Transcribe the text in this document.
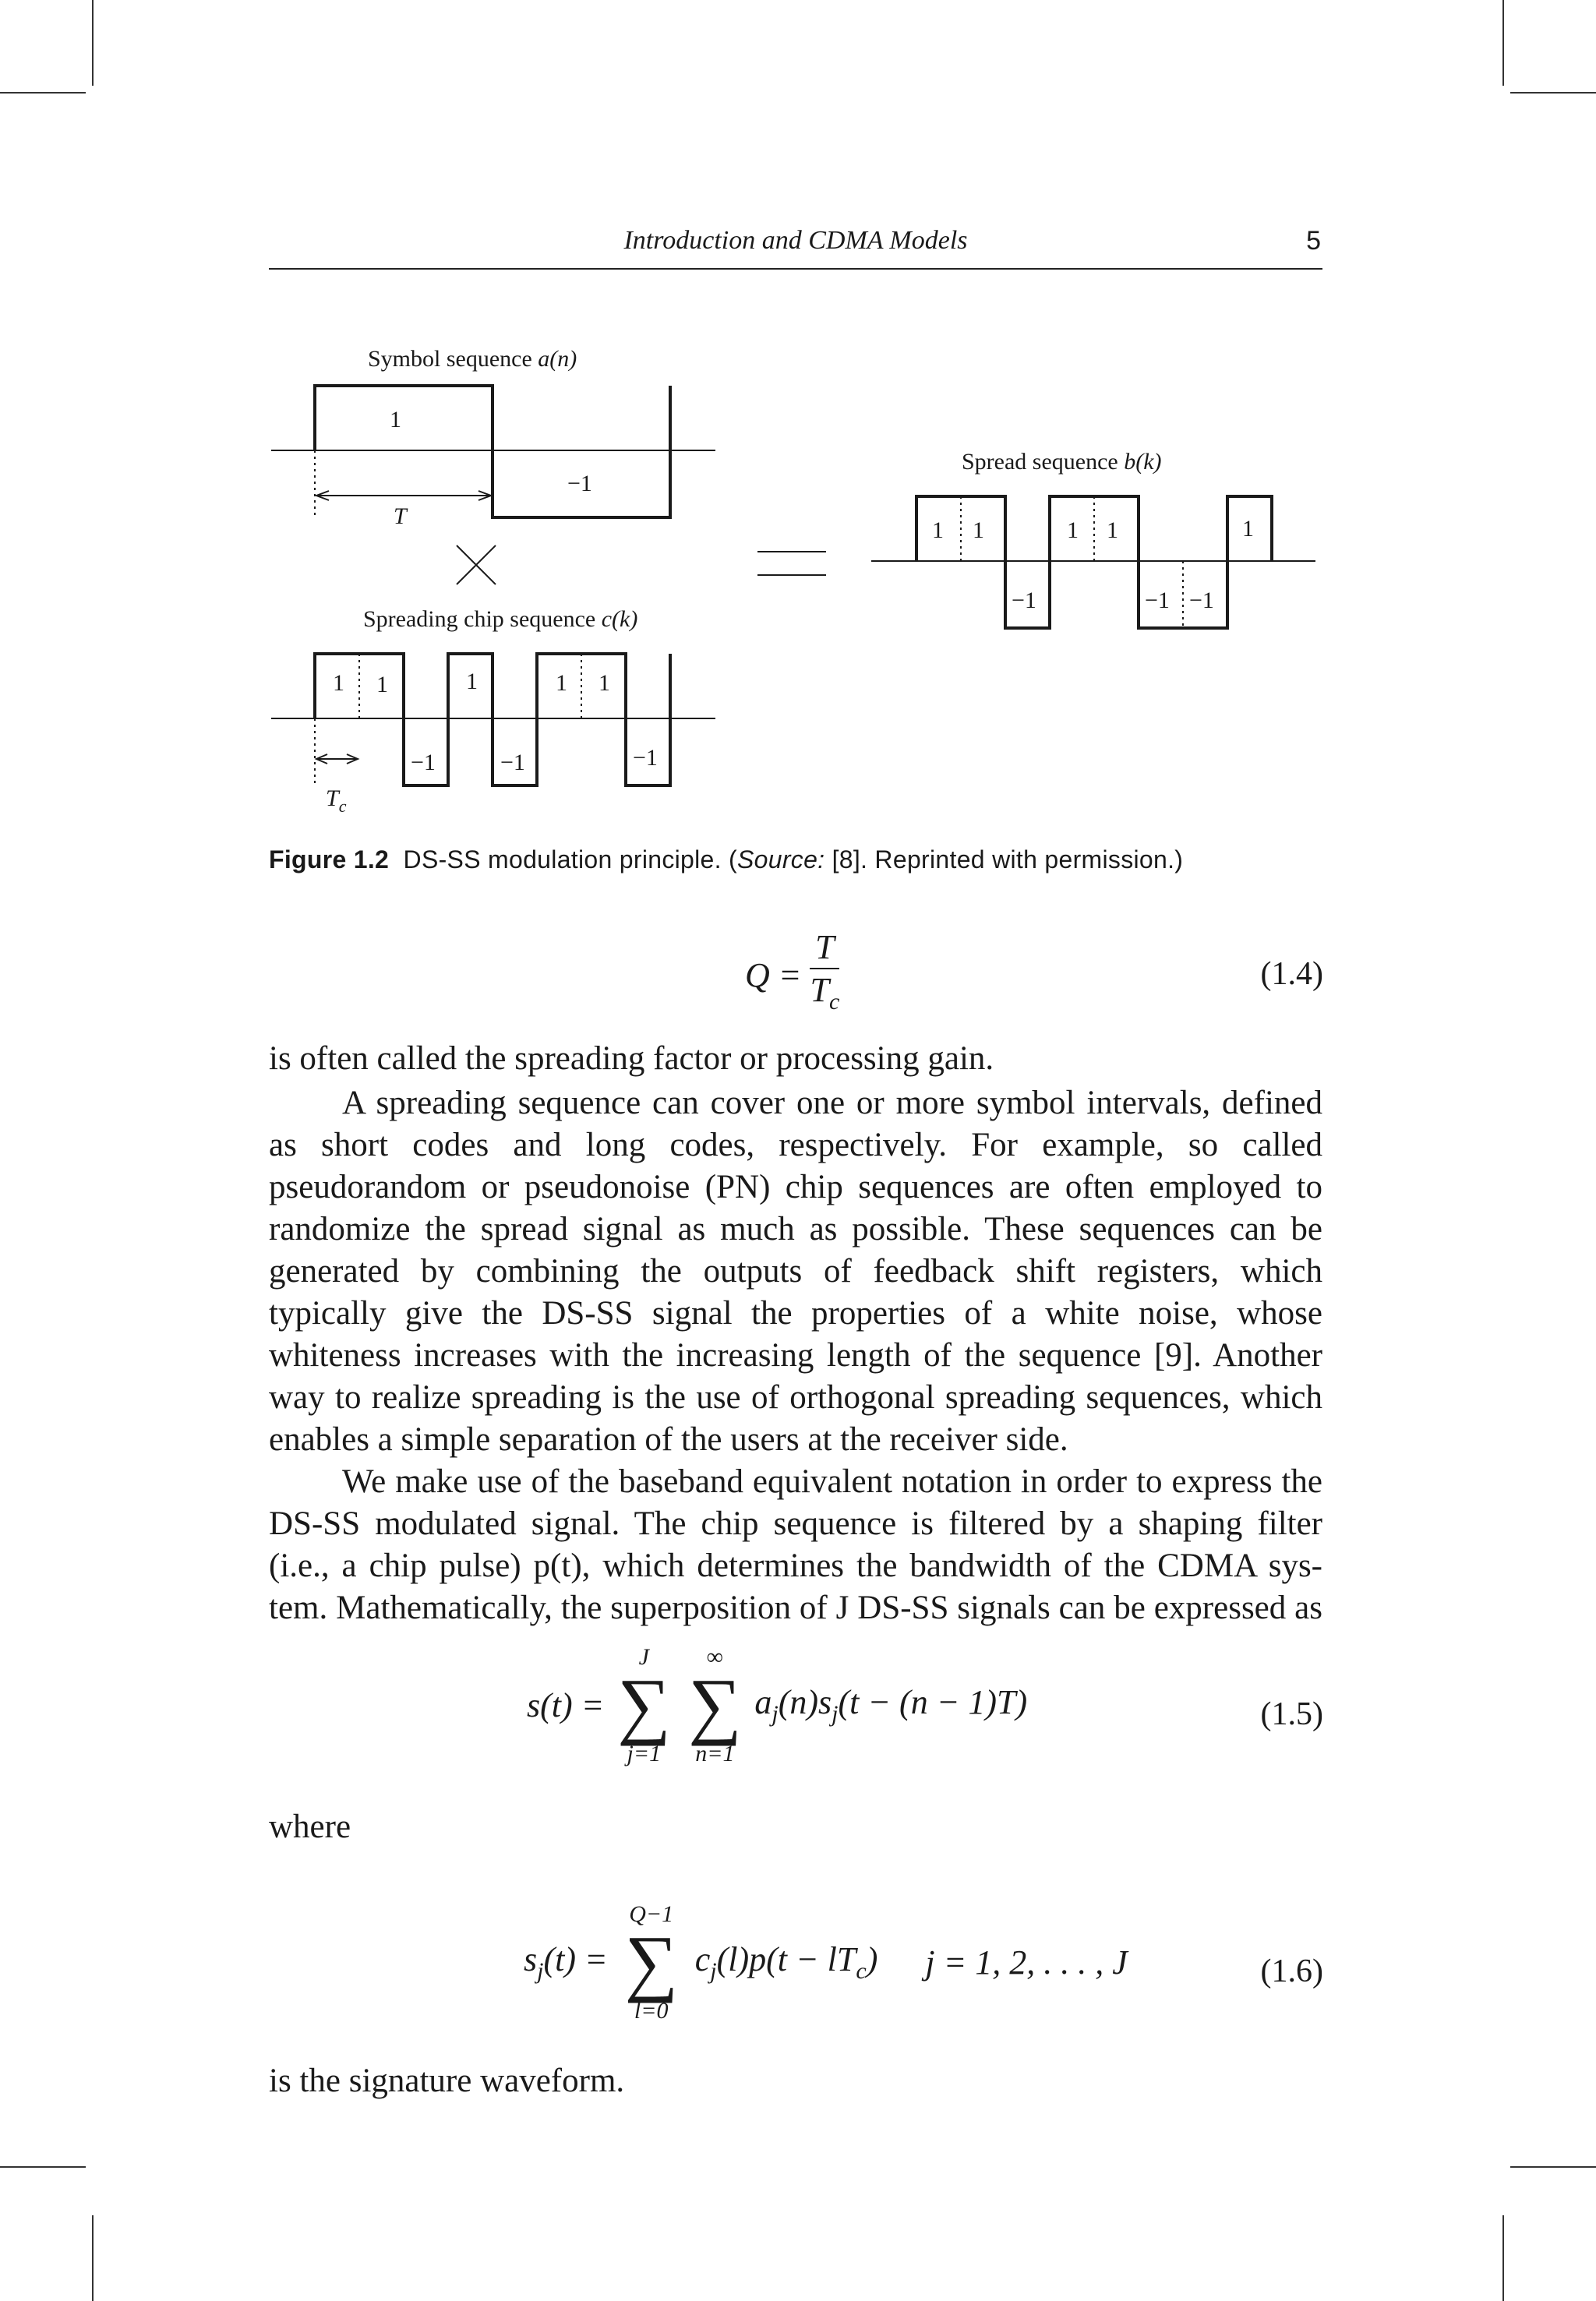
Introduction and CDMA Models	5
Symbol sequence a(n)
1
−1
T
Spreading chip sequence c(k)
1 1
−1
1
−1
1 1
−1
$T_c$
Spread sequence b(k)
1 1
−1
1 1
−1 −1
1
Figure 1.2 DS-SS modulation principle. (Source: [8]. Reprinted with permission.)
$Q = \frac{T}{T_c}$	(1.4)
is often called the spreading factor or processing gain.
A spreading sequence can cover one or more symbol intervals, defined
as short codes and long codes, respectively. For example, so called
pseudorandom or pseudonoise (PN) chip sequences are often employed to
randomize the spread signal as much as possible. These sequences can be
generated by combining the outputs of feedback shift registers, which
typically give the DS-SS signal the properties of a white noise, whose
whiteness increases with the increasing length of the sequence [9]. Another
way to realize spreading is the use of orthogonal spreading sequences, which
enables a simple separation of the users at the receiver side.
We make use of the baseband equivalent notation in order to express the
DS-SS modulated signal. The chip sequence is filtered by a shaping filter
(i.e., a chip pulse) p(t), which determines the bandwidth of the CDMA sys-
tem. Mathematically, the superposition of J DS-SS signals can be expressed as
s(t) = ∑
J
j=1
∑
∞
n=1
$a_j(n)s_j(t - (n - 1)T)$	(1.5)
where
$s_j(t)$ = ∑
Q−1
l=0
$c_j(l)p(t - lT_c) j = 1$, 2, . . . , J	(1.6)
is the signature waveform.
